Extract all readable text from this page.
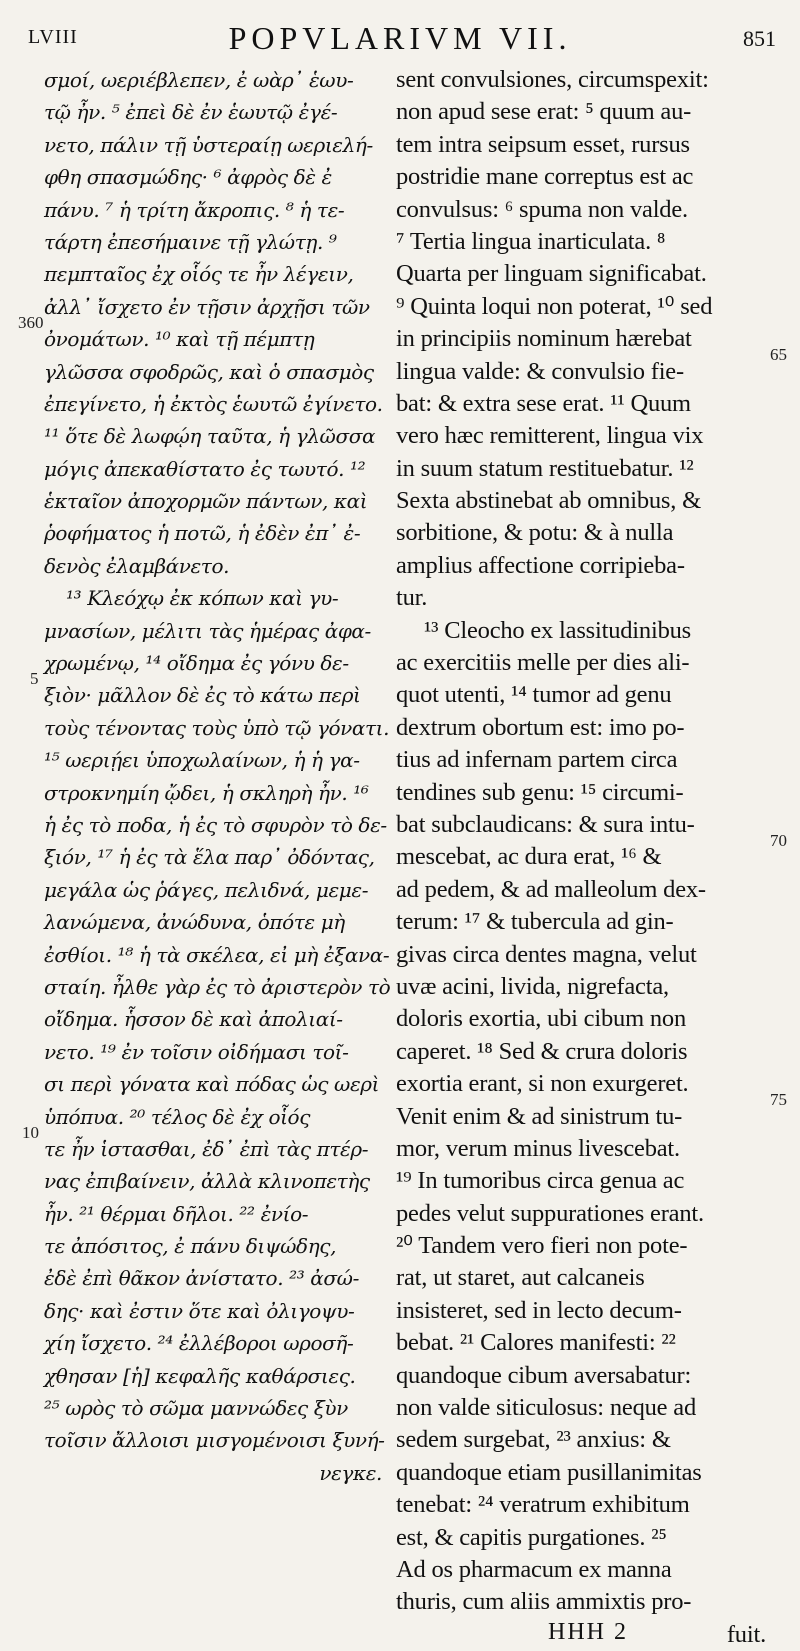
LVIII	POPVLARIVM VII.	851
σμοί, ωεριέβλεπεν, ἐ ωὰρ᾽ ἑωυ-
τῷ ἦν. ⁵ ἐπεὶ δὲ ἐν ἑωυτῷ ἐγέ-
νετο, πάλιν τῇ ὑστεραίῃ ωεριελή-
φθη σπασμώδης· ⁶ ἀφρὸς δὲ ἐ
πάνυ. ⁷ ἡ τρίτη ἄκροπις. ⁸ ἡ τε-
τάρτη ἐπεσήμαινε τῇ γλώτῃ. ⁹
πεμπταῖος ἐχ οἷός τε ἦν λέγειν,
ἀλλ᾽ ἴσχετο ἐν τῇσιν ἀρχῇσι τῶν
ὀνομάτων. ¹⁰ καὶ τῇ πέμπτῃ
γλῶσσα σφοδρῶς, καὶ ὁ σπασμὸς
ἐπεγίνετο, ἡ ἐκτὸς ἑωυτῶ ἐγίνετο.
¹¹ ὅτε δὲ λωφῴη ταῦτα, ἡ γλῶσσα
μόγις ἀπεκαθίστατο ἐς τωυτό. ¹²
ἑκταῖον ἀποχορμῶν πάντων, καὶ
ῥοφήματος ἡ ποτῶ, ἡ ἐδὲν ἐπ᾽ ἐ-
δενὸς ἐλαμβάνετο.
¹³ Κλεόχῳ ἐκ κόπων καὶ γυ-
μνασίων, μέλιτι τὰς ἡμέρας ἀφα-
χρωμένῳ, ¹⁴ οἴδημα ἐς γόνυ δε-
ξιὸν· μᾶλλον δὲ ἐς τὸ κάτω περὶ
τοὺς τένοντας τοὺς ὑπὸ τῷ γόνατι.
¹⁵ ωεριῄει ὑποχωλαίνων, ἡ ἡ γα-
στροκνημίη ᾤδει, ἡ σκληρὴ ἦν. ¹⁶
ἡ ἐς τὸ ποδα, ἡ ἐς τὸ σφυρὸν τὸ δε-
ξιόν, ¹⁷ ἡ ἐς τὰ ἕλα παρ᾽ ὀδόντας,
μεγάλα ὡς ῥάγες, πελιδνά, μεμε-
λανώμενα, ἀνώδυνα, ὁπότε μὴ
ἐσθίοι. ¹⁸ ἡ τὰ σκέλεα, εἰ μὴ ἐξανα-
σταίη. ἦλθε γὰρ ἐς τὸ ἀριστερὸν τὸ
οἴδημα. ἧσσον δὲ καὶ ἀπολιαί-
νετο. ¹⁹ ἐν τοῖσιν οἰδήμασι τοῖ-
σι περὶ γόνατα καὶ πόδας ὡς ωερὶ
ὑπόπυα. ²⁰ τέλος δὲ ἐχ οἷός
τε ἦν ἱστασθαι, ἐδ᾽ ἐπὶ τὰς πτέρ-
νας ἐπιβαίνειν, ἀλλὰ κλινοπετὴς
ἦν. ²¹ θέρμαι δῆλοι. ²² ἐνίο-
τε ἀπόσιτος, ἐ πάνυ διψώδης,
ἐδὲ ἐπὶ θᾶκον ἀνίστατο. ²³ ἀσώ-
δης· καὶ ἐστιν ὅτε καὶ ὀλιγοψυ-
χίη ἴσχετο. ²⁴ ἐλλέβοροι ωροσῆ-
χθησαν [ἡ] κεφαλῆς καθάρσιες.
²⁵ ωρὸς τὸ σῶμα μαννώδες ξὺν
τοῖσιν ἄλλοισι μισγομένοισι ξυνή-
νεγκε.
sent convulsiones, circumspexit:
non apud sese erat: ⁵ quum au-
tem intra seipsum esset, rursus
postridie mane correptus est ac
convulsus: ⁶ spuma non valde.
⁷ Tertia lingua inarticulata. ⁸
Quarta per linguam significabat.
⁹ Quinta loqui non poterat, ¹⁰ sed
in principiis nominum hærebat
lingua valde: & convulsio fie-
bat: & extra sese erat. ¹¹ Quum
vero hæc remitterent, lingua vix
in suum statum restituebatur. ¹²
Sexta abstinebat ab omnibus, &
sorbitione, & potu: & à nulla
amplius affectione corripieba-
tur.
¹³ Cleocho ex lassitudinibus
ac exercitiis melle per dies ali-
quot utenti, ¹⁴ tumor ad genu
dextrum obortum est: imo po-
tius ad infernam partem circa
tendines sub genu: ¹⁵ circumi-
bat subclaudicans: & sura intu-
mescebat, ac dura erat, ¹⁶ &
ad pedem, & ad malleolum dex-
terum: ¹⁷ & tubercula ad gin-
givas circa dentes magna, velut
uvæ acini, livida, nigrefacta,
doloris exortia, ubi cibum non
caperet. ¹⁸ Sed & crura doloris
exortia erant, si non exurgeret.
Venit enim & ad sinistrum tu-
mor, verum minus livescebat.
¹⁹ In tumoribus circa genua ac
pedes velut suppurationes erant.
²⁰ Tandem vero fieri non pote-
rat, ut staret, aut calcaneis
insisteret, sed in lecto decum-
bebat. ²¹ Calores manifesti: ²²
quandoque cibum aversabatur:
non valde siticulosus: neque ad
sedem surgebat, ²³ anxius: &
quandoque etiam pusillanimitas
tenebat: ²⁴ veratrum exhibitum
est, & capitis purgationes. ²⁵
Ad os pharmacum ex manna
thuris, cum aliis ammixtis pro-
fuit.
HHH 2
360
5
10
65
70
75
